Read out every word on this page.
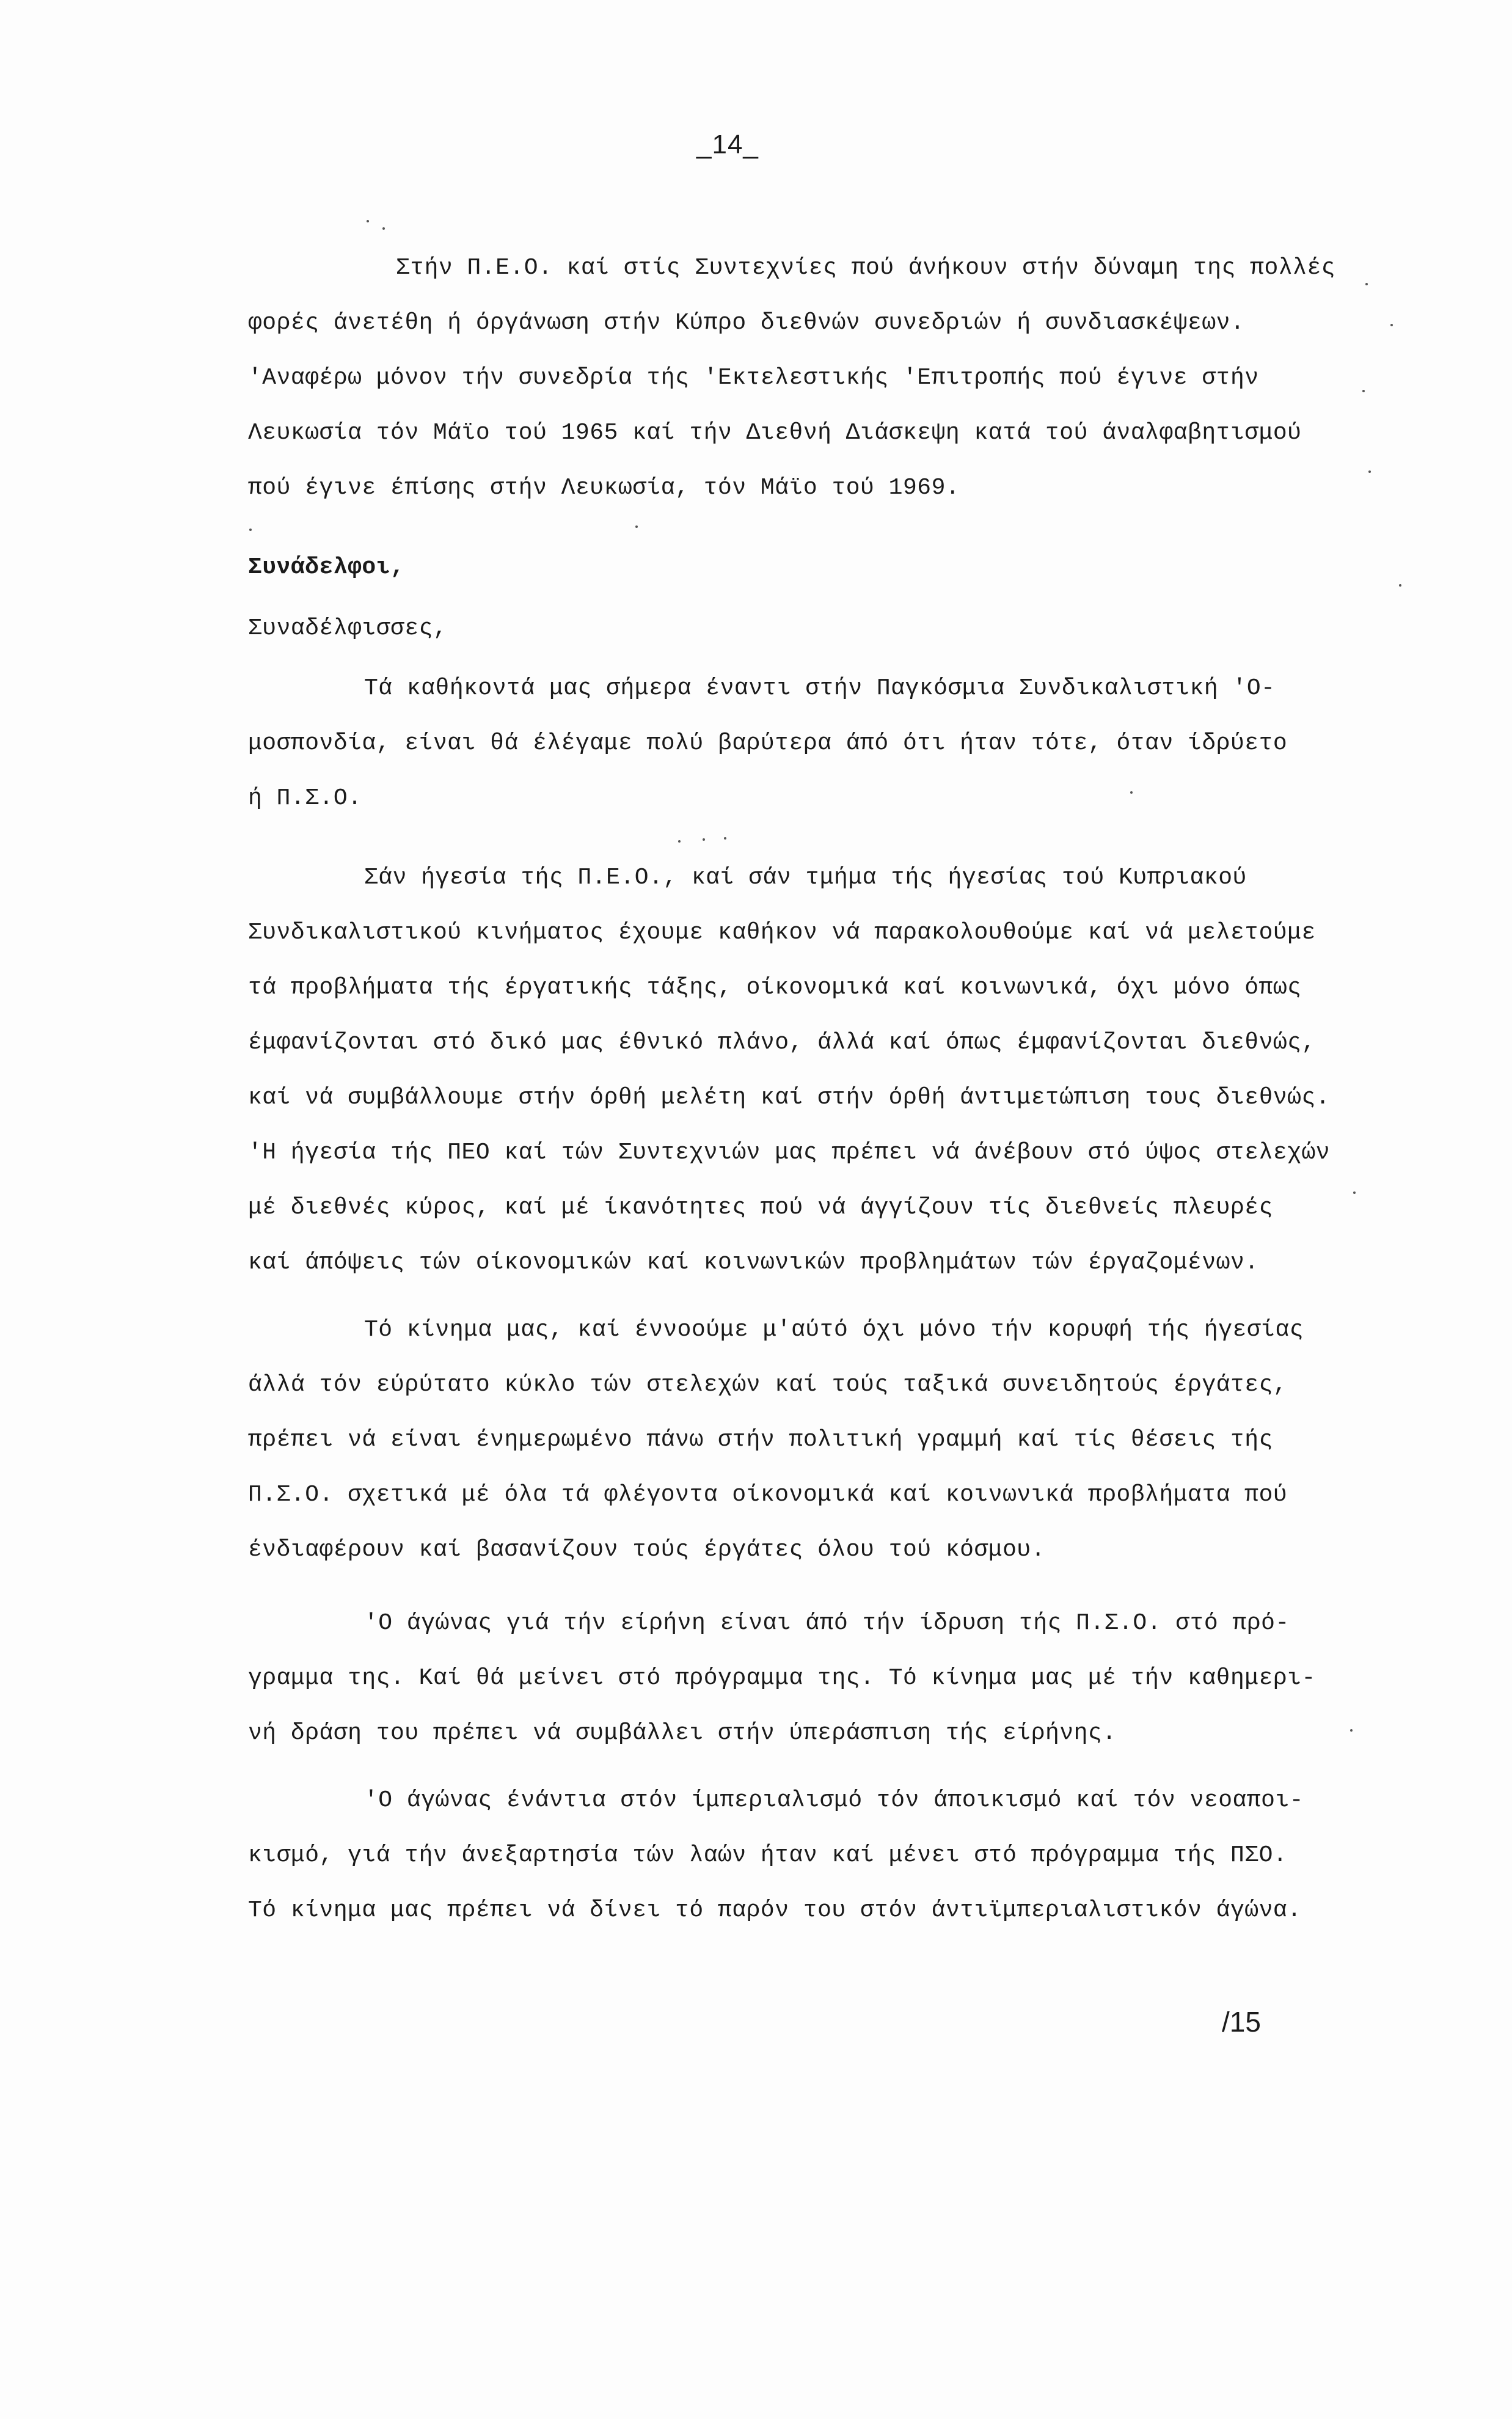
_14_
Στήν Π.Ε.Ο. καί στίς Συντεχνίες πού άνήκουν στήν δύναμη της πολλές
φορές άνετέθη ή όργάνωση στήν Κύπρο διεθνών συνεδριών ή συνδιασκέψεων.
'Αναφέρω μόνον τήν συνεδρία τής 'Εκτελεστικής 'Επιτροπής πού έγινε στήν
Λευκωσία τόν Μάϊο τού 1965 καί τήν Διεθνή Διάσκεψη κατά τού άναλφαβητισμού
πού έγινε έπίσης στήν Λευκωσία, τόν Μάϊο τού 1969.
Συνάδελφοι,
Συναδέλφισσες,
Τά καθήκοντά μας σήμερα έναντι στήν Παγκόσμια Συνδικαλιστική 'Ο-
μοσπονδία, είναι θά έλέγαμε πολύ βαρύτερα άπό ότι ήταν τότε, όταν ίδρύετο
ή Π.Σ.Ο.
Σάν ήγεσία τής Π.Ε.Ο., καί σάν τμήμα τής ήγεσίας τού Κυπριακού
Συνδικαλιστικού κινήματος έχουμε καθήκον νά παρακολουθούμε καί νά μελετούμε
τά προβλήματα τής έργατικής τάξης, οίκονομικά καί κοινωνικά, όχι μόνο όπως
έμφανίζονται στό δικό μας έθνικό πλάνο, άλλά καί όπως έμφανίζονται διεθνώς,
καί νά συμβάλλουμε στήν όρθή μελέτη καί στήν όρθή άντιμετώπιση τους διεθνώς.
'Η ήγεσία τής ΠΕΟ καί τών Συντεχνιών μας πρέπει νά άνέβουν στό ύψος στελεχών
μέ διεθνές κύρος, καί μέ ίκανότητες πού νά άγγίζουν τίς διεθνείς πλευρές
καί άπόψεις τών οίκονομικών καί κοινωνικών προβλημάτων τών έργαζομένων.
Τό κίνημα μας, καί έννοούμε μ'αύτό όχι μόνο τήν κορυφή τής ήγεσίας
άλλά τόν εύρύτατο κύκλο τών στελεχών καί τούς ταξικά συνειδητούς έργάτες,
πρέπει νά είναι ένημερωμένο πάνω στήν πολιτική γραμμή καί τίς θέσεις τής
Π.Σ.Ο. σχετικά μέ όλα τά φλέγοντα οίκονομικά καί κοινωνικά προβλήματα πού
ένδιαφέρουν καί βασανίζουν τούς έργάτες όλου τού κόσμου.
'Ο άγώνας γιά τήν είρήνη είναι άπό τήν ίδρυση τής Π.Σ.Ο. στό πρό-
γραμμα της. Καί θά μείνει στό πρόγραμμα της. Τό κίνημα μας μέ τήν καθημερι-
νή δράση του πρέπει νά συμβάλλει στήν ύπεράσπιση τής είρήνης.
'Ο άγώνας ένάντια στόν ίμπεριαλισμό τόν άποικισμό καί τόν νεοαποι-
κισμό, γιά τήν άνεξαρτησία τών λαών ήταν καί μένει στό πρόγραμμα τής ΠΣΟ.
Τό κίνημα μας πρέπει νά δίνει τό παρόν του στόν άντιϊμπεριαλιστικόν άγώνα.
/15
